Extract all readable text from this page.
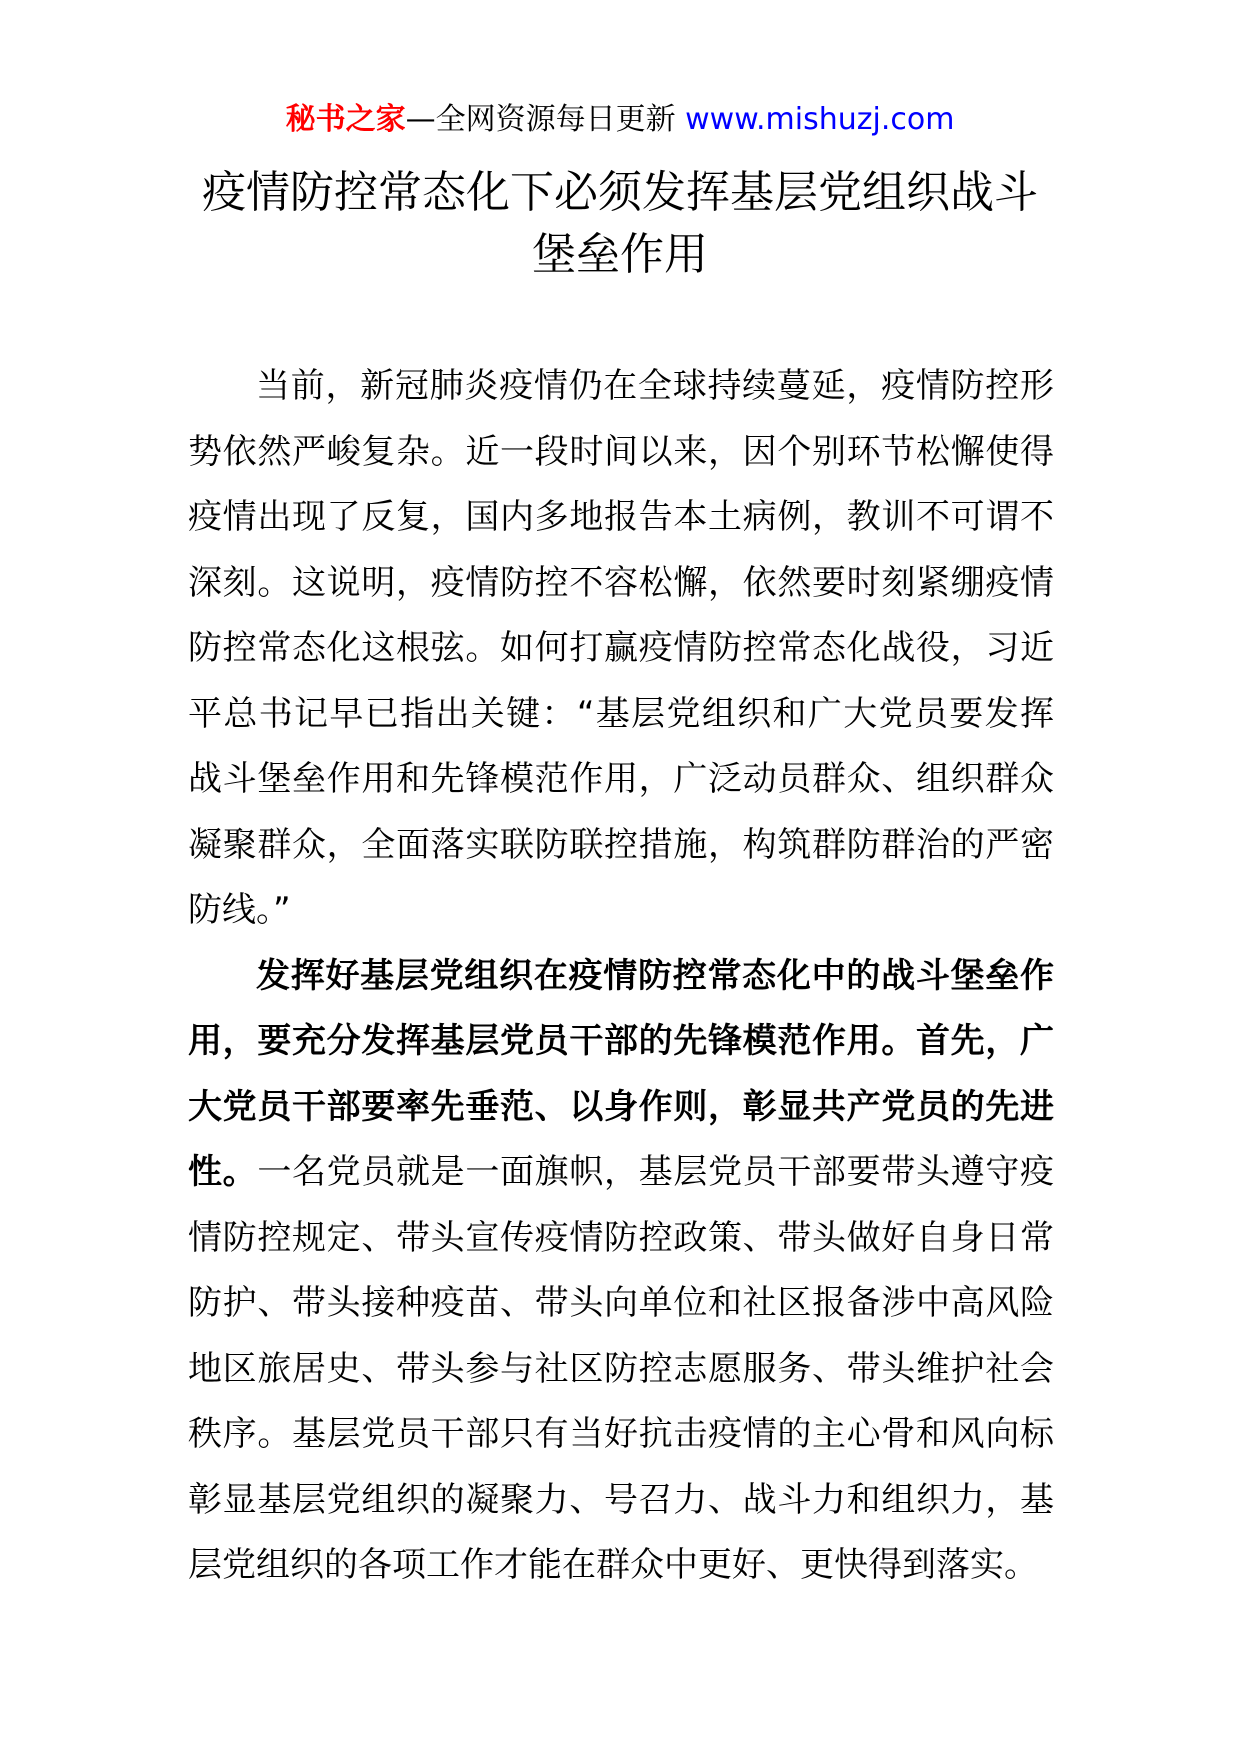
秘书之家—全网资源每日更新 www.mishuzj.com
疫情防控常态化下必须发挥基层党组织战斗堡垒作用

当前，新冠肺炎疫情仍在全球持续蔓延，疫情防控形势依然严峻复杂。近一段时间以来，因个别环节松懈使得疫情出现了反复，国内多地报告本土病例，教训不可谓不深刻。这说明，疫情防控不容松懈，依然要时刻紧绷疫情防控常态化这根弦。如何打赢疫情防控常态化战役，习近平总书记早已指出关键：“基层党组织和广大党员要发挥战斗堡垒作用和先锋模范作用，广泛动员群众、组织群众凝聚群众，全面落实联防联控措施，构筑群防群治的严密防线。”

发挥好基层党组织在疫情防控常态化中的战斗堡垒作用，要充分发挥基层党员干部的先锋模范作用。首先，广大党员干部要率先垂范、以身作则，彰显共产党员的先进性。一名党员就是一面旗帜，基层党员干部要带头遵守疫情防控规定、带头宣传疫情防控政策、带头做好自身日常防护、带头接种疫苗、带头向单位和社区报备涉中高风险地区旅居史、带头参与社区防控志愿服务、带头维护社会秩序。基层党员干部只有当好抗击疫情的主心骨和风向标彰显基层党组织的凝聚力、号召力、战斗力和组织力，基层党组织的各项工作才能在群众中更好、更快得到落实。
